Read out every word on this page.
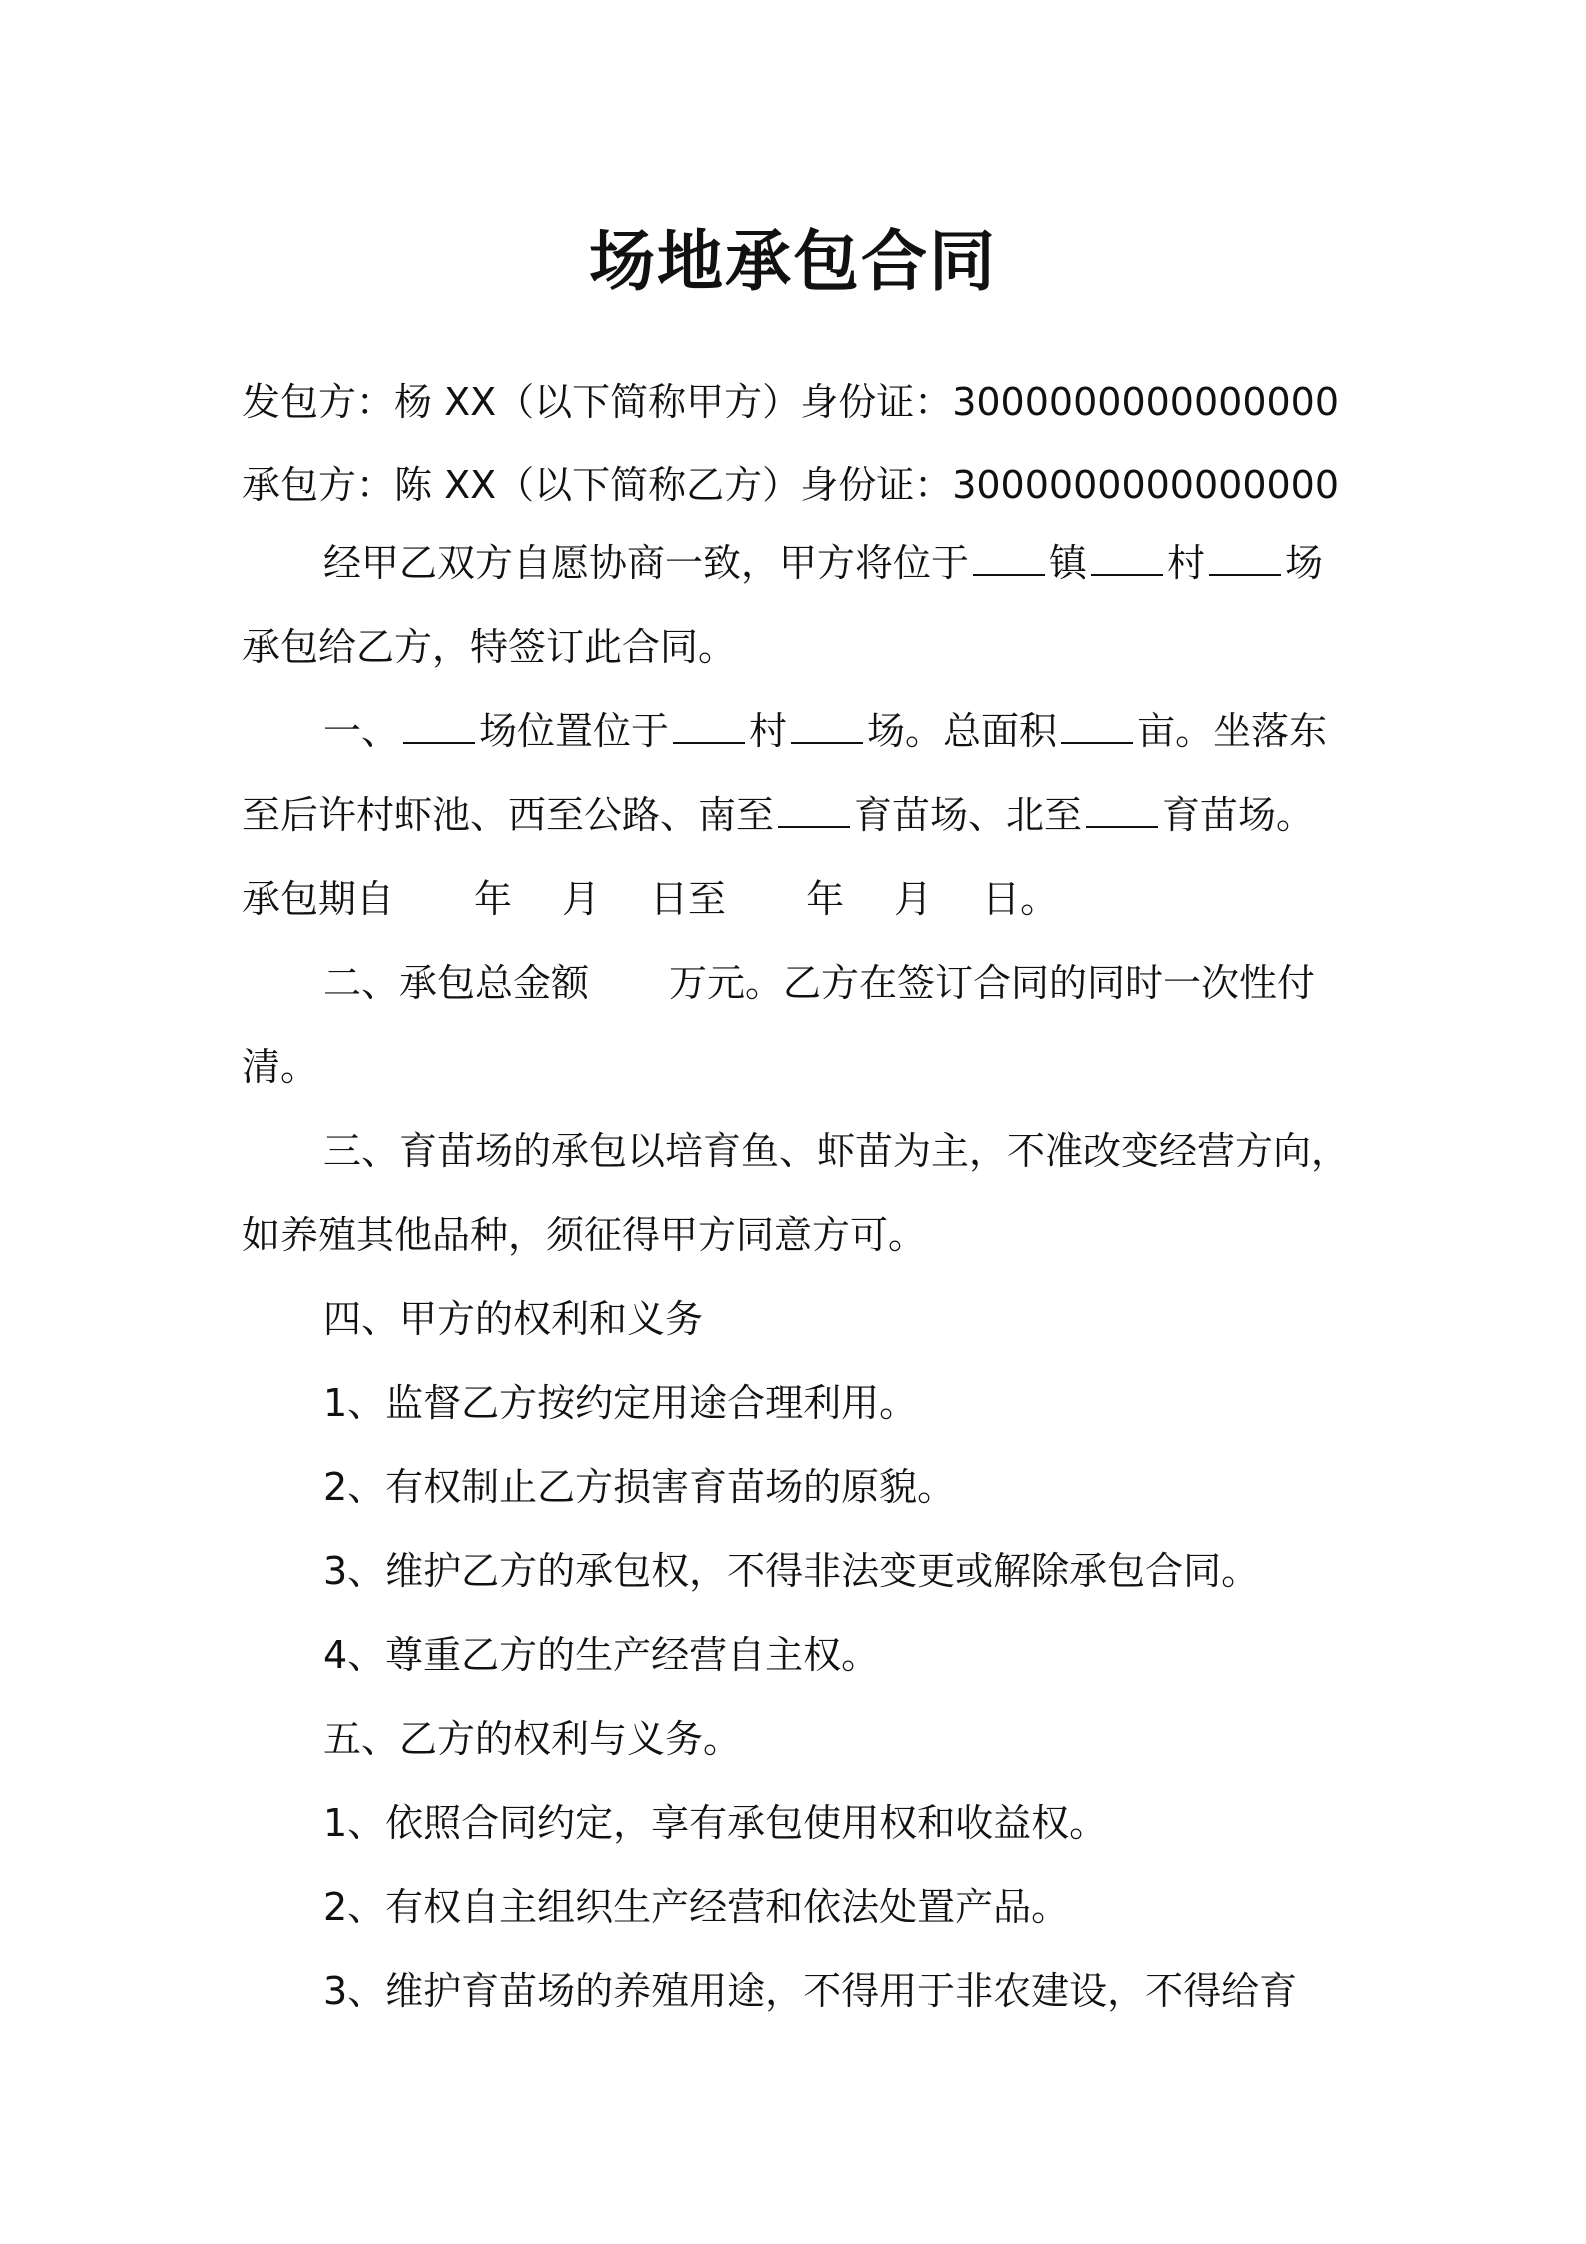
场地承包合同
发包方：杨 XX（以下简称甲方）身份证：3000000000000000
承包方：陈 XX（以下简称乙方）身份证：3000000000000000
经甲乙双方自愿协商一致，甲方将位于 镇 村 场
承包给乙方，特签订此合同。
一、 场位置位于 村 场。总面积 亩。坐落东
至后许村虾池、西至公路、南至 育苗场、北至 育苗场。
承包期自 年 月 日至 年 月 日。
二、承包总金额 万元。乙方在签订合同的同时一次性付
清。
三、育苗场的承包以培育鱼、虾苗为主，不准改变经营方向，
如养殖其他品种，须征得甲方同意方可。
四、甲方的权利和义务
1、监督乙方按约定用途合理利用。
2、有权制止乙方损害育苗场的原貌。
3、维护乙方的承包权，不得非法变更或解除承包合同。
4、尊重乙方的生产经营自主权。
五、乙方的权利与义务。
1、依照合同约定，享有承包使用权和收益权。
2、有权自主组织生产经营和依法处置产品。
3、维护育苗场的养殖用途，不得用于非农建设，不得给育
